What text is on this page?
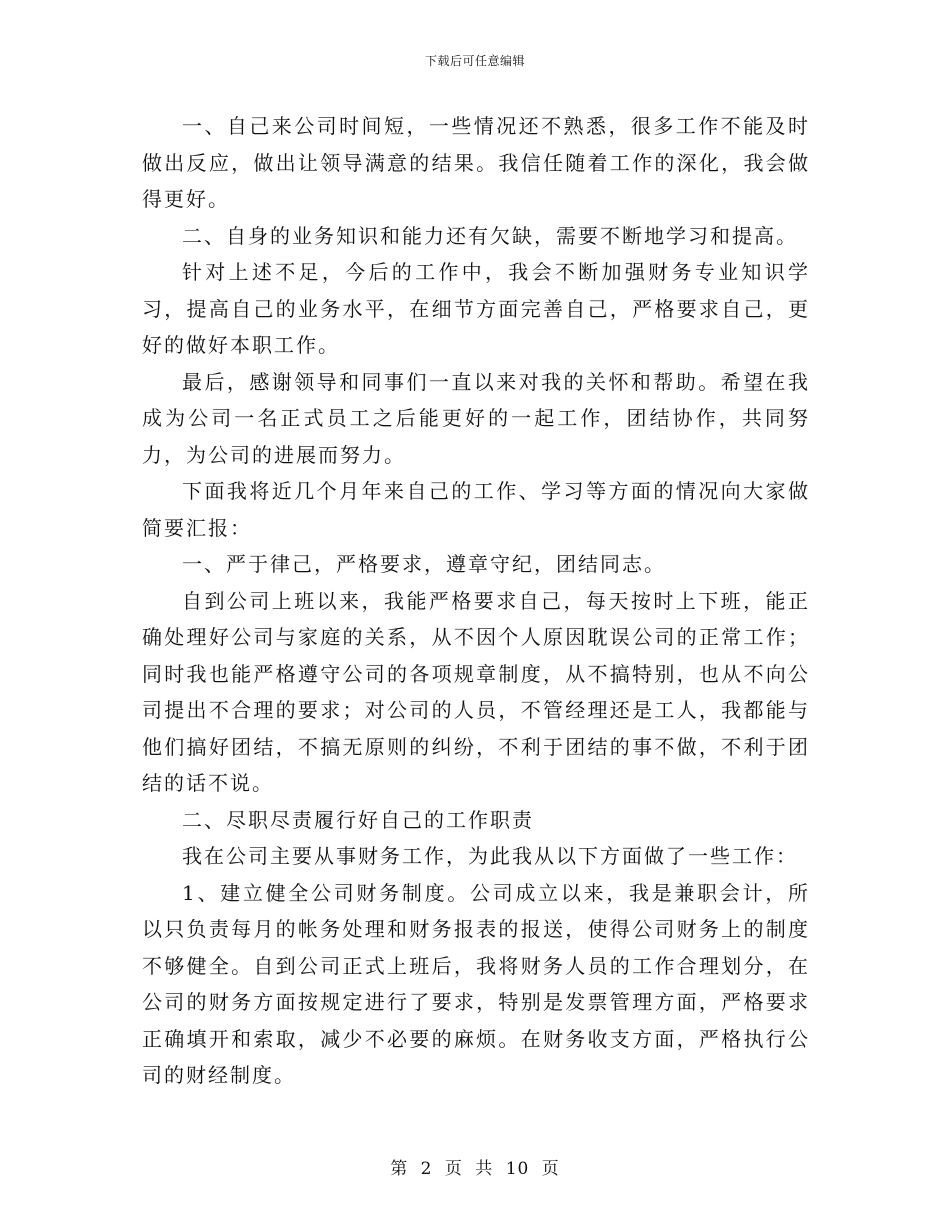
下载后可任意编辑

一、自己来公司时间短，一些情况还不熟悉，很多工作不能及时做出反应，做出让领导满意的结果。我信任随着工作的深化，我会做得更好。

二、自身的业务知识和能力还有欠缺，需要不断地学习和提高。

针对上述不足，今后的工作中，我会不断加强财务专业知识学习，提高自己的业务水平，在细节方面完善自己，严格要求自己，更好的做好本职工作。

最后，感谢领导和同事们一直以来对我的关怀和帮助。希望在我成为公司一名正式员工之后能更好的一起工作，团结协作，共同努力，为公司的进展而努力。

下面我将近几个月年来自己的工作、学习等方面的情况向大家做简要汇报：

一、严于律己，严格要求，遵章守纪，团结同志。

自到公司上班以来，我能严格要求自己，每天按时上下班，能正确处理好公司与家庭的关系，从不因个人原因耽误公司的正常工作；同时我也能严格遵守公司的各项规章制度，从不搞特别，也从不向公司提出不合理的要求；对公司的人员，不管经理还是工人，我都能与他们搞好团结，不搞无原则的纠纷，不利于团结的事不做，不利于团结的话不说。

二、尽职尽责履行好自己的工作职责

我在公司主要从事财务工作，为此我从以下方面做了一些工作：

1、建立健全公司财务制度。公司成立以来，我是兼职会计，所以只负责每月的帐务处理和财务报表的报送，使得公司财务上的制度不够健全。自到公司正式上班后，我将财务人员的工作合理划分，在公司的财务方面按规定进行了要求，特别是发票管理方面，严格要求正确填开和索取，减少不必要的麻烦。在财务收支方面，严格执行公司的财经制度。

第 2 页 共 10 页
